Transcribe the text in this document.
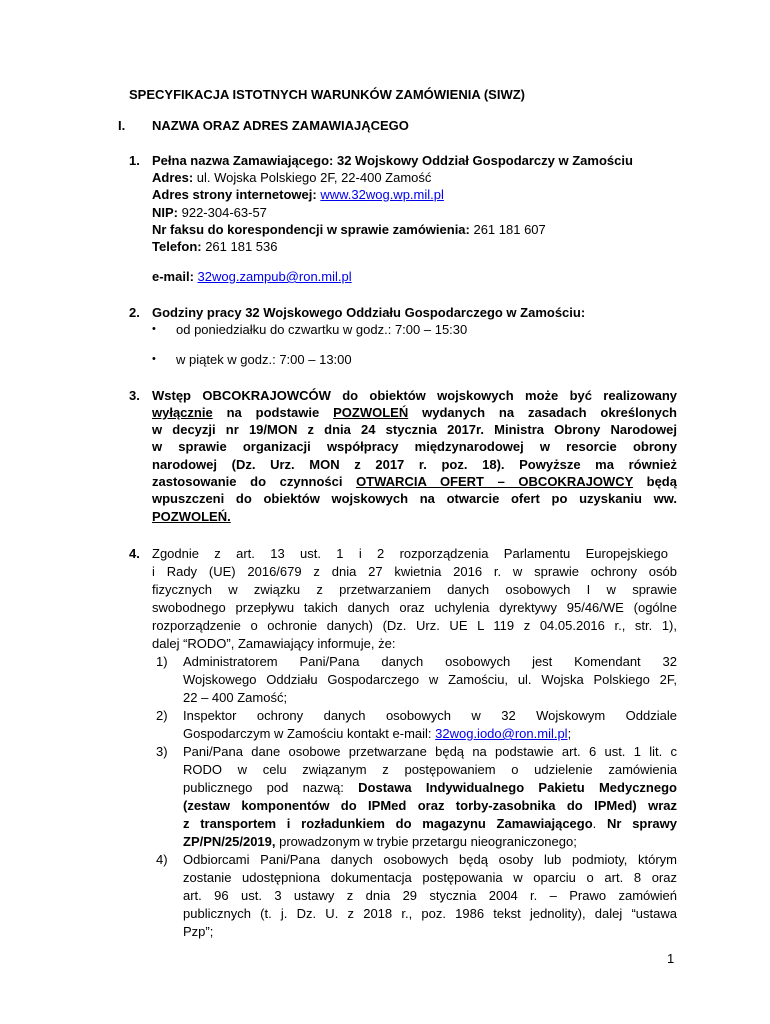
SPECYFIKACJA ISTOTNYCH WARUNKÓW ZAMÓWIENIA (SIWZ)
I. NAZWA ORAZ ADRES ZAMAWIAJĄCEGO
1. Pełna nazwa Zamawiającego: 32 Wojskowy Oddział Gospodarczy w Zamościu
Adres: ul. Wojska Polskiego 2F, 22-400 Zamość
Adres strony internetowej: www.32wog.wp.mil.pl
NIP: 922-304-63-57
Nr faksu do korespondencji w sprawie zamówienia: 261 181 607
Telefon: 261 181 536
e-mail: 32wog.zampub@ron.mil.pl
2. Godziny pracy 32 Wojskowego Oddziału Gospodarczego w Zamościu:
• od poniedziałku do czwartku w godz.: 7:00 – 15:30
• w piątek w godz.: 7:00 – 13:00
3. Wstęp OBCOKRAJOWCÓW do obiektów wojskowych może być realizowany
wyłącznie na podstawie POZWOLEŃ wydanych na zasadach określonych
w decyzji nr 19/MON z dnia 24 stycznia 2017r. Ministra Obrony Narodowej
w sprawie organizacji współpracy międzynarodowej w resorcie obrony
narodowej (Dz. Urz. MON z 2017 r. poz. 18). Powyższe ma również
zastosowanie do czynności OTWARCIA OFERT – OBCOKRAJOWCY będą
wpuszczeni do obiektów wojskowych na otwarcie ofert po uzyskaniu ww.
POZWOLEŃ.
4. Zgodnie z art. 13 ust. 1 i 2 rozporządzenia Parlamentu Europejskiego
i Rady (UE) 2016/679 z dnia 27 kwietnia 2016 r. w sprawie ochrony osób
fizycznych w związku z przetwarzaniem danych osobowych I w sprawie
swobodnego przepływu takich danych oraz uchylenia dyrektywy 95/46/WE (ogólne
rozporządzenie o ochronie danych) (Dz. Urz. UE L 119 z 04.05.2016 r., str. 1),
dalej “RODO”, Zamawiający informuje, że:
1) Administratorem Pani/Pana danych osobowych jest Komendant 32
Wojskowego Oddziału Gospodarczego w Zamościu, ul. Wojska Polskiego 2F,
22 – 400 Zamość;
2) Inspektor ochrony danych osobowych w 32 Wojskowym Oddziale
Gospodarczym w Zamościu kontakt e-mail: 32wog.iodo@ron.mil.pl;
3) Pani/Pana dane osobowe przetwarzane będą na podstawie art. 6 ust. 1 lit. c
RODO w celu związanym z postępowaniem o udzielenie zamówienia
publicznego pod nazwą: Dostawa Indywidualnego Pakietu Medycznego
(zestaw komponentów do IPMed oraz torby-zasobnika do IPMed) wraz
z transportem i rozładunkiem do magazynu Zamawiającego. Nr sprawy
ZP/PN/25/2019, prowadzonym w trybie przetargu nieograniczonego;
4) Odbiorcami Pani/Pana danych osobowych będą osoby lub podmioty, którym
zostanie udostępniona dokumentacja postępowania w oparciu o art. 8 oraz
art. 96 ust. 3 ustawy z dnia 29 stycznia 2004 r. – Prawo zamówień
publicznych (t. j. Dz. U. z 2018 r., poz. 1986 tekst jednolity), dalej “ustawa
Pzp”;
1
